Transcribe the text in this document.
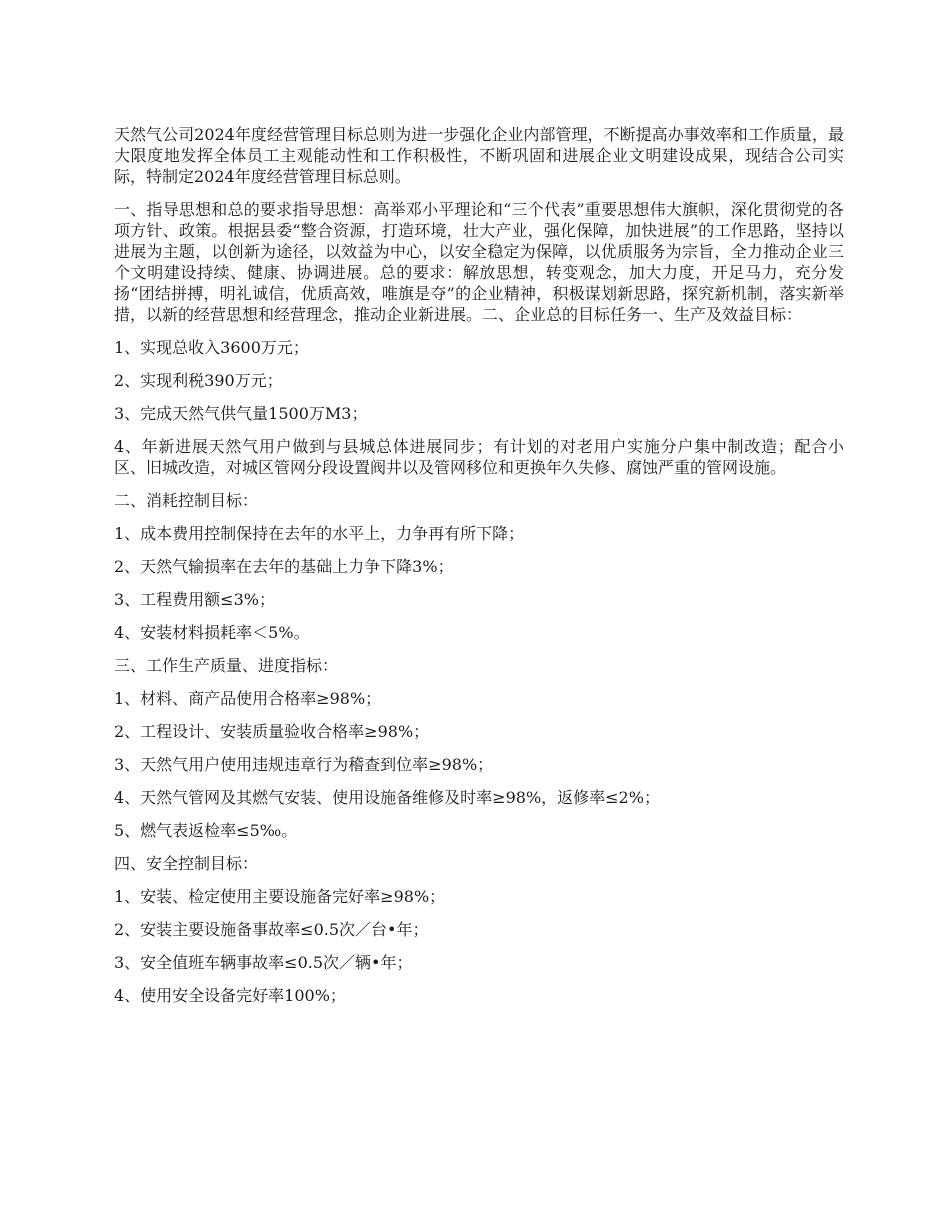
天然气公司2024年度经营管理目标总则为进一步强化企业内部管理，不断提高办事效率和工作质量，最大限度地发挥全体员工主观能动性和工作积极性，不断巩固和进展企业文明建设成果，现结合公司实际，特制定2024年度经营管理目标总则。

一、指导思想和总的要求指导思想：高举邓小平理论和“三个代表”重要思想伟大旗帜，深化贯彻党的各项方针、政策。根据县委“整合资源，打造环境，壮大产业，强化保障，加快进展”的工作思路，坚持以进展为主题，以创新为途径，以效益为中心，以安全稳定为保障，以优质服务为宗旨，全力推动企业三个文明建设持续、健康、协调进展。总的要求：解放思想，转变观念，加大力度，开足马力，充分发扬“团结拼搏，明礼诚信，优质高效，唯旗是夺”的企业精神，积极谋划新思路，探究新机制，落实新举措，以新的经营思想和经营理念，推动企业新进展。二、企业总的目标任务一、生产及效益目标：

1、实现总收入3600万元；

2、实现利税390万元；

3、完成天然气供气量1500万M3；

4、年新进展天然气用户做到与县城总体进展同步；有计划的对老用户实施分户集中制改造；配合小区、旧城改造，对城区管网分段设置阀井以及管网移位和更换年久失修、腐蚀严重的管网设施。

二、消耗控制目标：

1、成本费用控制保持在去年的水平上，力争再有所下降；

2、天然气输损率在去年的基础上力争下降3%；

3、工程费用额≤3%；

4、安装材料损耗率＜5%。

三、工作生产质量、进度指标：

1、材料、商产品使用合格率≥98%；

2、工程设计、安装质量验收合格率≥98%；

3、天然气用户使用违规违章行为稽查到位率≥98%；

4、天然气管网及其燃气安装、使用设施备维修及时率≥98%，返修率≤2%；

5、燃气表返检率≤5‰。

四、安全控制目标：

1、安装、检定使用主要设施备完好率≥98%；

2、安装主要设施备事故率≤0.5次／台•年；

3、安全值班车辆事故率≤0.5次／辆•年；

4、使用安全设备完好率100%；
